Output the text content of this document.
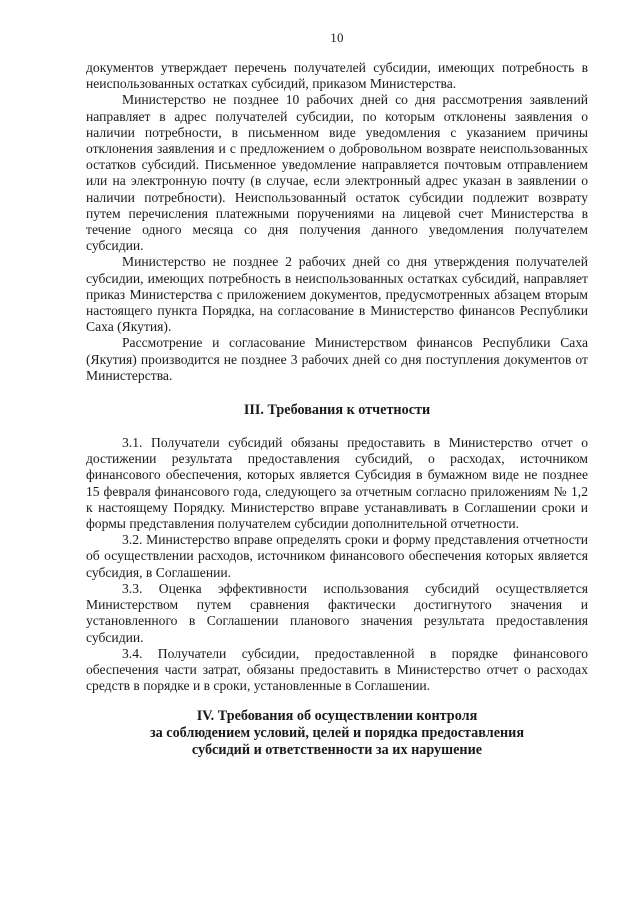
10

документов утверждает перечень получателей субсидии, имеющих потребность в неиспользованных остатках субсидий, приказом Министерства.

Министерство не позднее 10 рабочих дней со дня рассмотрения заявлений направляет в адрес получателей субсидии, по которым отклонены заявления о наличии потребности, в письменном виде уведомления с указанием причины отклонения заявления и с предложением о добровольном возврате неиспользованных остатков субсидий. Письменное уведомление направляется почтовым отправлением или на электронную почту (в случае, если электронный адрес указан в заявлении о наличии потребности). Неиспользованный остаток субсидии подлежит возврату путем перечисления платежными поручениями на лицевой счет Министерства в течение одного месяца со дня получения данного уведомления получателем субсидии.

Министерство не позднее 2 рабочих дней со дня утверждения получателей субсидии, имеющих потребность в неиспользованных остатках субсидий, направляет приказ Министерства с приложением документов, предусмотренных абзацем вторым настоящего пункта Порядка, на согласование в Министерство финансов Республики Саха (Якутия).

Рассмотрение и согласование Министерством финансов Республики Саха (Якутия) производится не позднее 3 рабочих дней со дня поступления документов от Министерства.

III. Требования к отчетности

3.1. Получатели субсидий обязаны предоставить в Министерство отчет о достижении результата предоставления субсидий, о расходах, источником финансового обеспечения, которых является Субсидия в бумажном виде не позднее 15 февраля финансового года, следующего за отчетным согласно приложениям № 1,2 к настоящему Порядку. Министерство вправе устанавливать в Соглашении сроки и формы представления получателем субсидии дополнительной отчетности.

3.2. Министерство вправе определять сроки и форму представления отчетности об осуществлении расходов, источником финансового обеспечения которых является субсидия, в Соглашении.

3.3. Оценка эффективности использования субсидий осуществляется Министерством путем сравнения фактически достигнутого значения и установленного в Соглашении планового значения результата предоставления субсидии.

3.4. Получатели субсидии, предоставленной в порядке финансового обеспечения части затрат, обязаны предоставить в Министерство отчет о расходах средств в порядке и в сроки, установленные в Соглашении.

IV. Требования об осуществлении контроля
за соблюдением условий, целей и порядка предоставления
субсидий и ответственности за их нарушение
